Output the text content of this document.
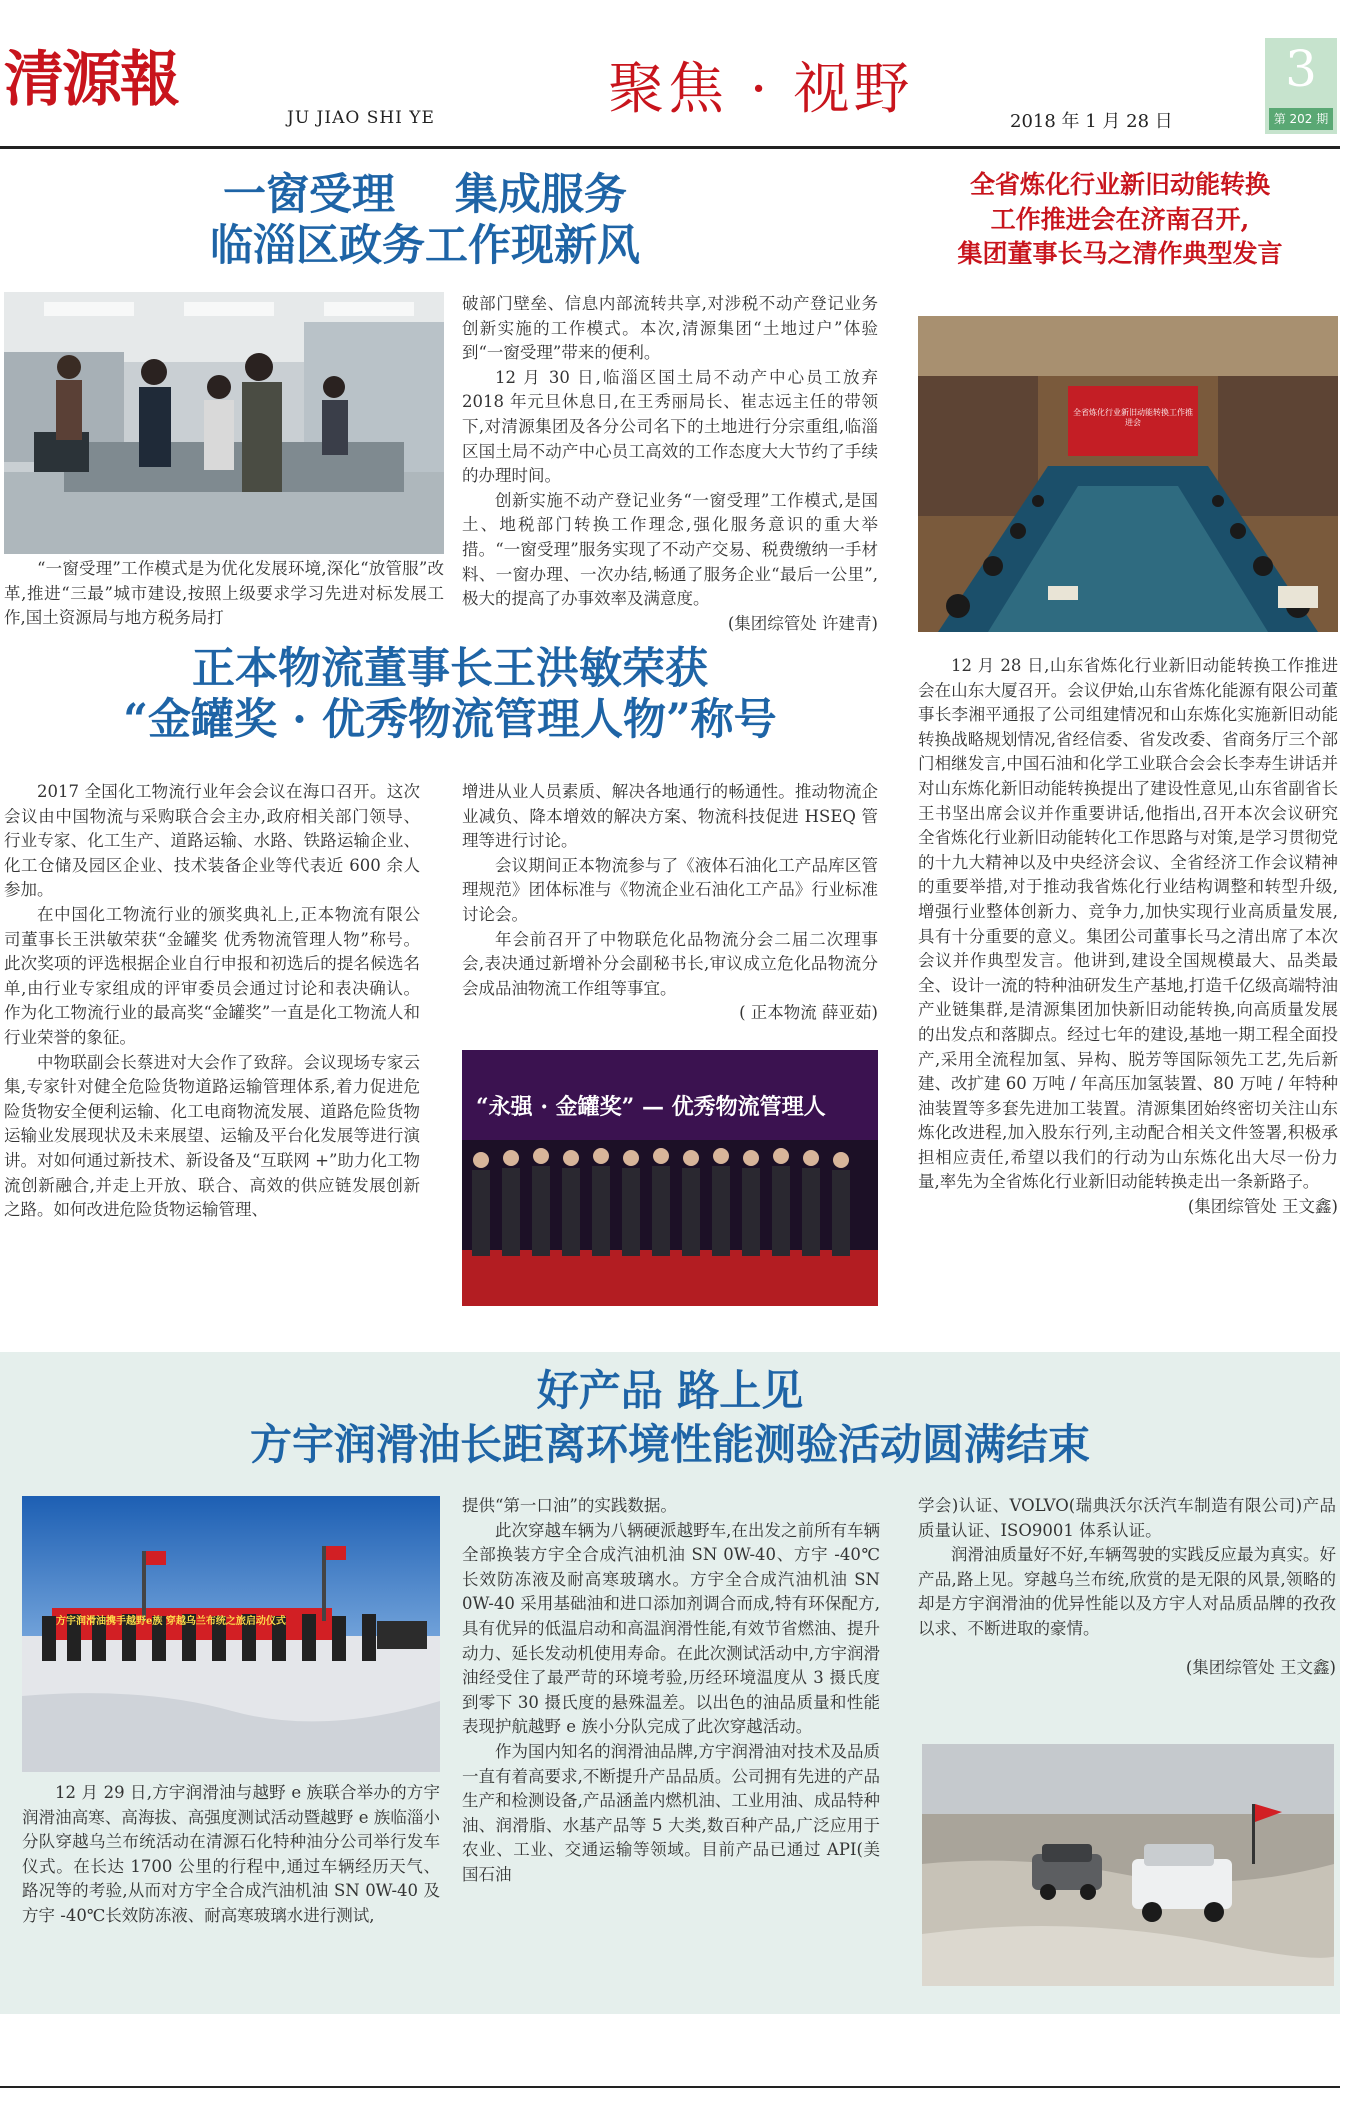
清源報
JU JIAO SHI YE	聚焦 · 视野	2018 年 1 月 28 日
3
第 202 期
一窗受理    集成服务
临淄区政务工作现新风

“一窗受理”工作模式是为优化发展环境,深化“放管服”改革,推进“三最”城市建设,按照上级要求学习先进对标发展工作,国土资源局与地方税务局打

破部门壁垒、信息内部流转共享,对涉税不动产登记业务创新实施的工作模式。本次,清源集团“土地过户”体验到“一窗受理”带来的便利。

12 月 30 日,临淄区国土局不动产中心员工放弃 2018 年元旦休息日,在王秀丽局长、崔志远主任的带领下,对清源集团及各分公司名下的土地进行分宗重组,临淄区国土局不动产中心员工高效的工作态度大大节约了手续的办理时间。

创新实施不动产登记业务“一窗受理”工作模式,是国土、地税部门转换工作理念,强化服务意识的重大举措。“一窗受理”服务实现了不动产交易、税费缴纳一手材料、一窗办理、一次办结,畅通了服务企业“最后一公里”,极大的提高了办事效率及满意度。

(集团综管处 许建青)

正本物流董事长王洪敏荣获
“金罐奖 · 优秀物流管理人物”称号

2017 全国化工物流行业年会会议在海口召开。这次会议由中国物流与采购联合会主办,政府相关部门领导、行业专家、化工生产、道路运输、水路、铁路运输企业、化工仓储及园区企业、技术装备企业等代表近 600 余人参加。

在中国化工物流行业的颁奖典礼上,正本物流有限公司董事长王洪敏荣获“金罐奖 优秀物流管理人物”称号。此次奖项的评选根据企业自行申报和初选后的提名候选名单,由行业专家组成的评审委员会通过讨论和表决确认。作为化工物流行业的最高奖“金罐奖”一直是化工物流人和行业荣誉的象征。

中物联副会长蔡进对大会作了致辞。会议现场专家云集,专家针对健全危险货物道路运输管理体系,着力促进危险货物安全便利运输、化工电商物流发展、道路危险货物运输业发展现状及未来展望、运输及平台化发展等进行演讲。对如何通过新技术、新设备及“互联网 +”助力化工物流创新融合,并走上开放、联合、高效的供应链发展创新之路。如何改进危险货物运输管理、

增进从业人员素质、解决各地通行的畅通性。推动物流企业减负、降本增效的解决方案、物流科技促进 HSEQ 管理等进行讨论。

会议期间正本物流参与了《液体石油化工产品库区管理规范》团体标准与《物流企业石油化工产品》行业标准讨论会。

年会前召开了中物联危化品物流分会二届二次理事会,表决通过新增补分会副秘书长,审议成立危化品物流分会成品油物流工作组等事宜。

( 正本物流 薛亚茹)

“永强 · 金罐奖” — 优秀物流管理人
全省炼化行业新旧动能转换
工作推进会在济南召开,
集团董事长马之清作典型发言
全省炼化行业新旧动能转换工作推进会

12 月 28 日,山东省炼化行业新旧动能转换工作推进会在山东大厦召开。会议伊始,山东省炼化能源有限公司董事长李湘平通报了公司组建情况和山东炼化实施新旧动能转换战略规划情况,省经信委、省发改委、省商务厅三个部门相继发言,中国石油和化学工业联合会会长李寿生讲话并对山东炼化新旧动能转换提出了建设性意见,山东省副省长王书坚出席会议并作重要讲话,他指出,召开本次会议研究全省炼化行业新旧动能转化工作思路与对策,是学习贯彻党的十九大精神以及中央经济会议、全省经济工作会议精神的重要举措,对于推动我省炼化行业结构调整和转型升级,增强行业整体创新力、竞争力,加快实现行业高质量发展,具有十分重要的意义。集团公司董事长马之清出席了本次会议并作典型发言。他讲到,建设全国规模最大、品类最全、设计一流的特种油研发生产基地,打造千亿级高端特油产业链集群,是清源集团加快新旧动能转换,向高质量发展的出发点和落脚点。经过七年的建设,基地一期工程全面投产,采用全流程加氢、异构、脱芳等国际领先工艺,先后新建、改扩建 60 万吨 / 年高压加氢装置、80 万吨 / 年特种油装置等多套先进加工装置。清源集团始终密切关注山东炼化改进程,加入股东行列,主动配合相关文件签署,积极承担相应责任,希望以我们的行动为山东炼化出大尽一份力量,率先为全省炼化行业新旧动能转换走出一条新路子。

(集团综管处 王文鑫)

好产品 路上见
方宇润滑油长距离环境性能测验活动圆满结束
方宇润滑油携手越野e族 穿越乌兰布统之旅启动仪式

12 月 29 日,方宇润滑油与越野 e 族联合举办的方宇润滑油高寒、高海拔、高强度测试活动暨越野 e 族临淄小分队穿越乌兰布统活动在清源石化特种油分公司举行发车仪式。在长达 1700 公里的行程中,通过车辆经历天气、路况等的考验,从而对方宇全合成汽油机油 SN 0W-40 及方宇 -40℃长效防冻液、耐高寒玻璃水进行测试,

提供“第一口油”的实践数据。

此次穿越车辆为八辆硬派越野车,在出发之前所有车辆全部换装方宇全合成汽油机油 SN 0W-40、方宇 -40℃长效防冻液及耐高寒玻璃水。方宇全合成汽油机油 SN 0W-40 采用基础油和进口添加剂调合而成,特有环保配方,具有优异的低温启动和高温润滑性能,有效节省燃油、提升动力、延长发动机使用寿命。在此次测试活动中,方宇润滑油经受住了最严苛的环境考验,历经环境温度从 3 摄氏度到零下 30 摄氏度的悬殊温差。以出色的油品质量和性能表现护航越野 e 族小分队完成了此次穿越活动。

作为国内知名的润滑油品牌,方宇润滑油对技术及品质一直有着高要求,不断提升产品品质。公司拥有先进的产品生产和检测设备,产品涵盖内燃机油、工业用油、成品特种油、润滑脂、水基产品等 5 大类,数百种产品,广泛应用于农业、工业、交通运输等领域。目前产品已通过 API(美国石油

学会)认证、VOLVO(瑞典沃尔沃汽车制造有限公司)产品质量认证、ISO9001 体系认证。

润滑油质量好不好,车辆驾驶的实践反应最为真实。好产品,路上见。穿越乌兰布统,欣赏的是无限的风景,领略的却是方宇润滑油的优异性能以及方宇人对品质品牌的孜孜以求、不断进取的豪情。

(集团综管处 王文鑫)
